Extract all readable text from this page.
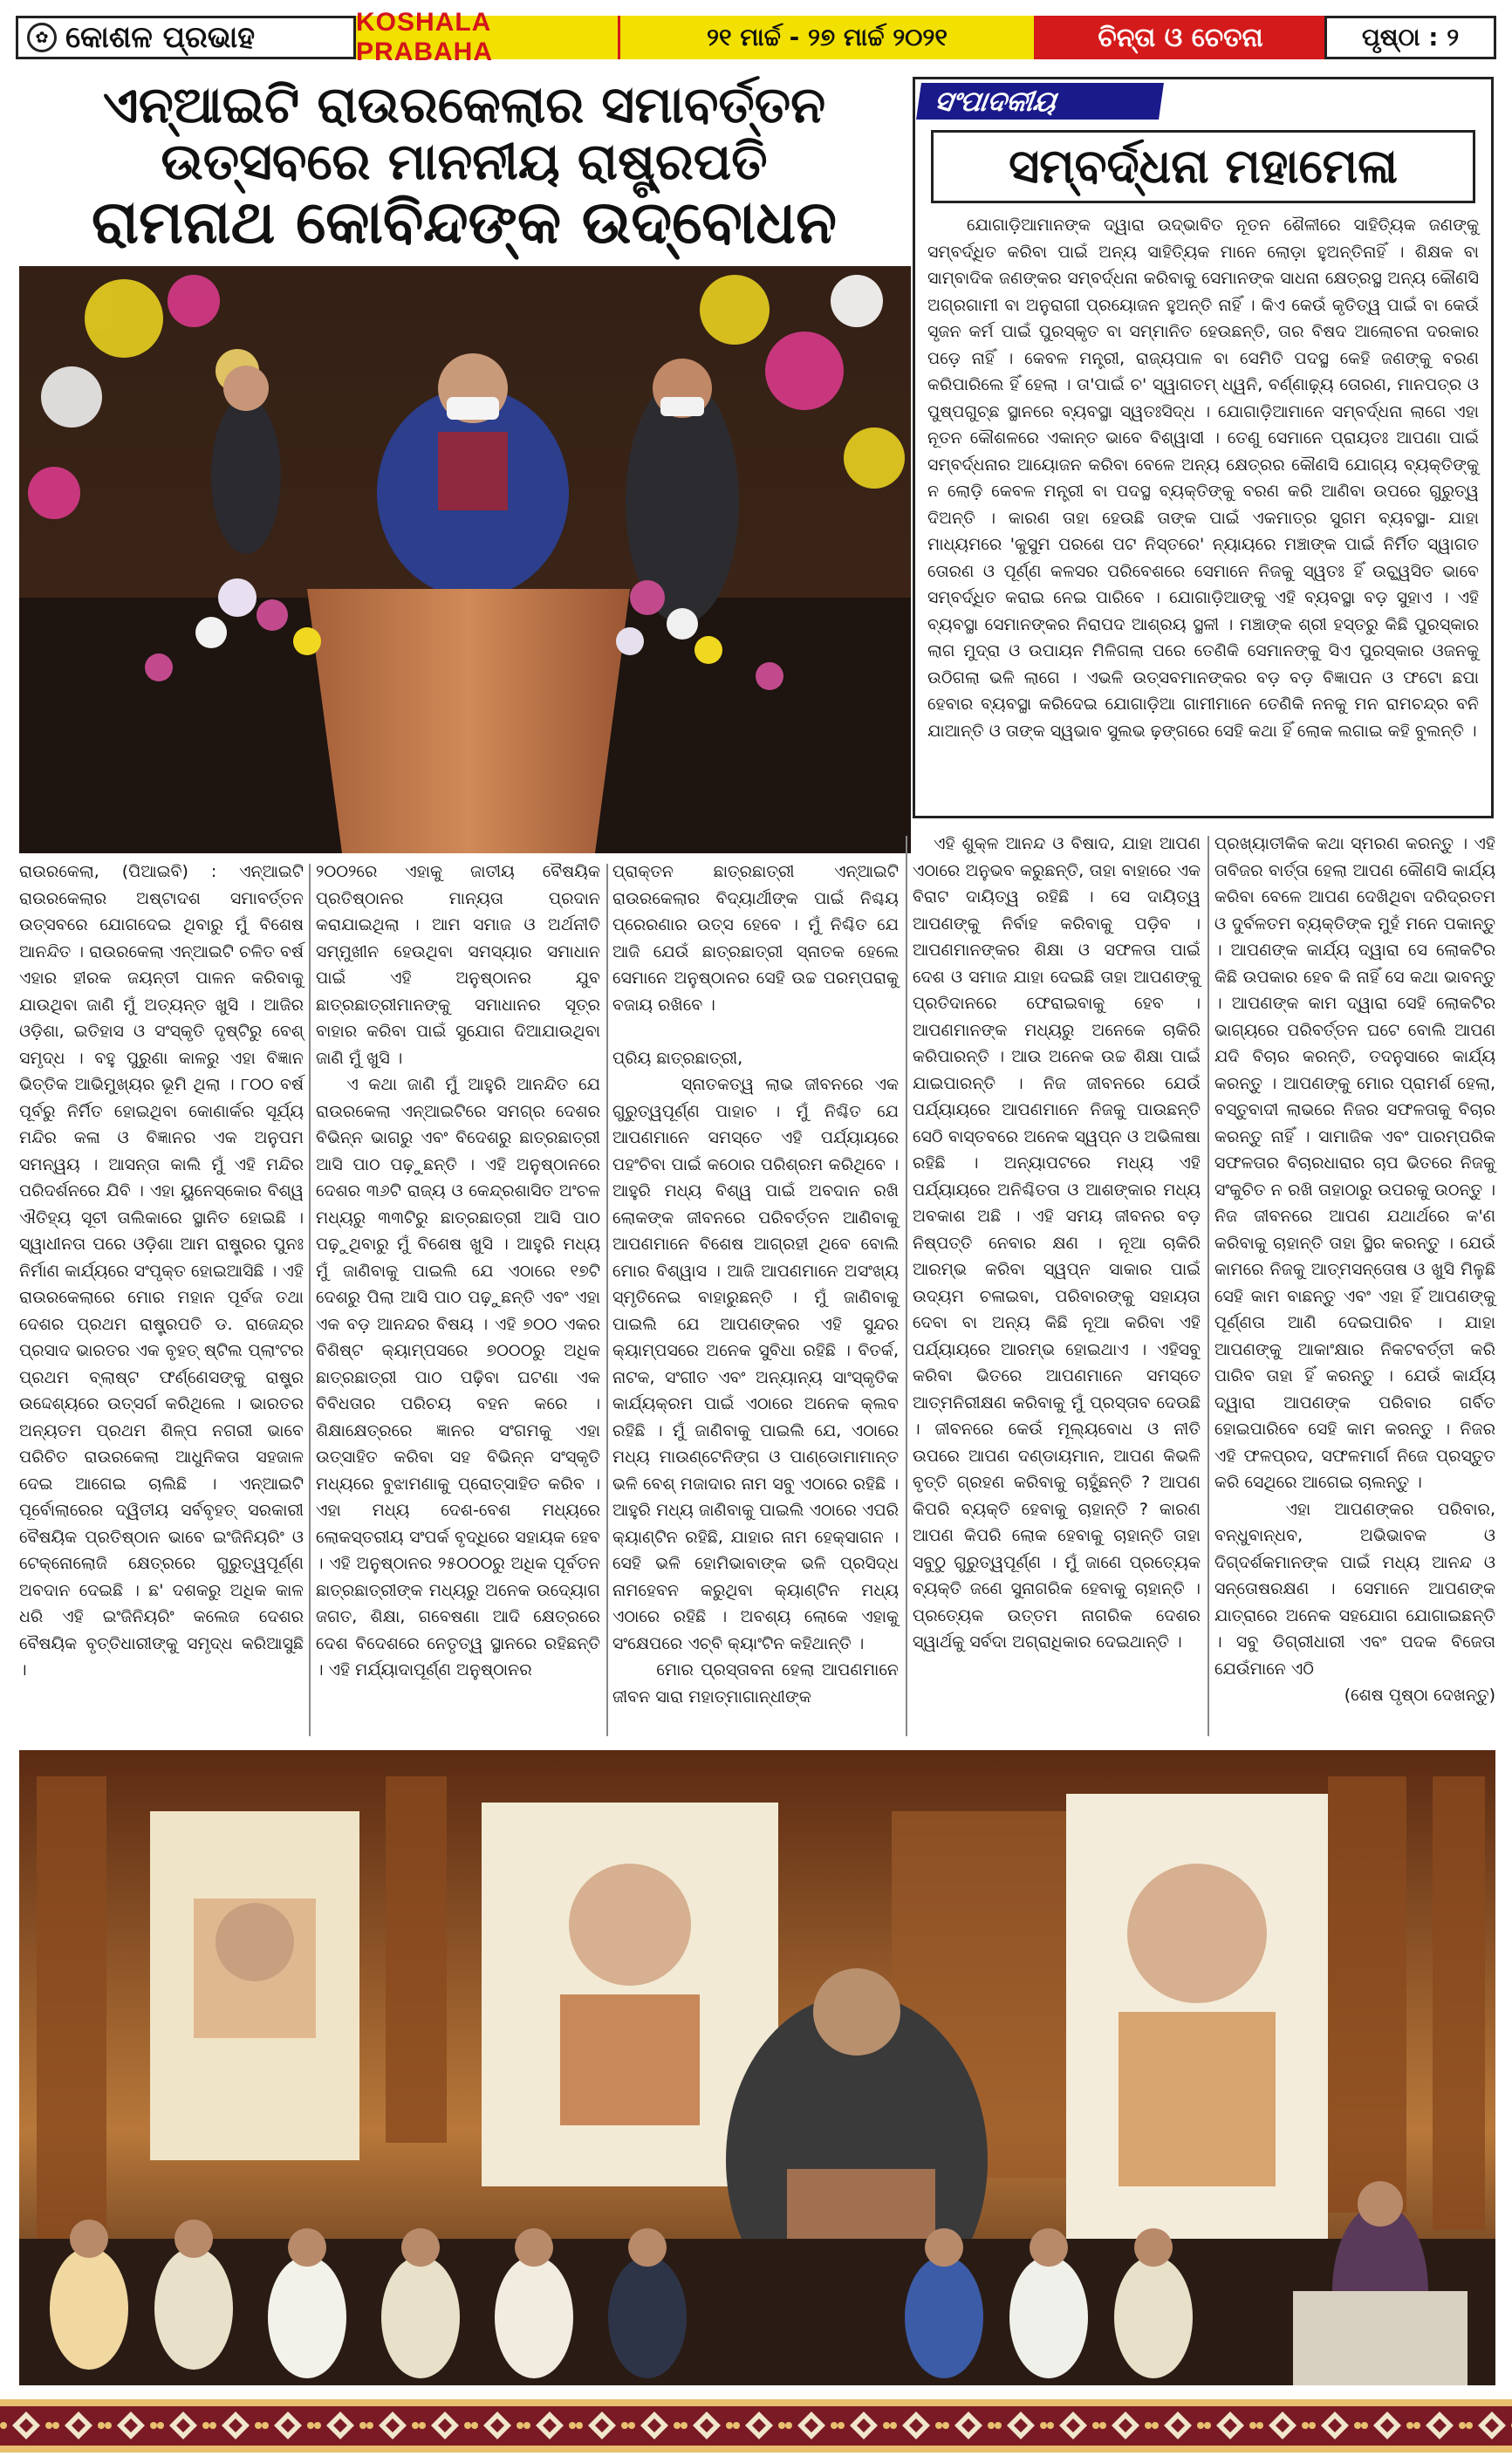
✿ କୋଶଳ ପ୍ରଭାହ	KOSHALA PRABAHA
୨୧ ମାର୍ଚ୍ଚ - ୨୭ ମାର୍ଚ୍ଚ ୨୦୨୧	ଚିନ୍ତା ଓ ଚେତନା	ପୃଷ୍ଠା : ୨
ଏନ୍‌ଆଇଟି ରାଉରକେଲାର ସମାବର୍ତ୍ତନ
ଉତ୍ସବରେ ମାନନୀୟ ରାଷ୍ଟ୍ରପତି
ରାମନାଥ କୋବିନ୍ଦଙ୍କ ଉଦ୍‌ବୋଧନ
ସଂପାଦକୀୟ
ସମ୍ବର୍ଦ୍ଧନା ମହାମେଳା
ଯୋଗାଡ଼ିଆମାନଙ୍କ ଦ୍ୱାରା ଉଦ୍ଭାବିତ ନୂତନ ଶୈଳୀରେ ସାହିତ୍ୟିକ ଜଣଙ୍କୁ ସମ୍ବର୍ଦ୍ଧିତ କରିବା ପାଇଁ ଅନ୍ୟ ସାହିତ୍ୟିକ ମାନେ ଲୋଡ଼ା ହୁଅନ୍ତିନାହିଁ । ଶିକ୍ଷକ ବା ସାମ୍ବାଦିକ ଜଣଙ୍କର ସମ୍ବର୍ଦ୍ଧନା କରିବାକୁ ସେମାନଙ୍କ ସାଧନା କ୍ଷେତ୍ରସ୍ଥ ଅନ୍ୟ କୌଣସି ଅଗ୍ରଗାମୀ ବା ଅନୁରାଗୀ ପ୍ରୟୋଜନ ହୁଅନ୍ତି ନାହିଁ । କିଏ କେଉଁ କୃତିତ୍ୱ ପାଇଁ ବା କେଉଁ ସୃଜନ କର୍ମ ପାଇଁ ପୁରସ୍କୃତ ବା ସମ୍ମାନିତ ହେଉଛନ୍ତି, ତାର ବିଷଦ ଆଲୋଚନା ଦରକାର ପଡ଼େ ନାହିଁ । କେବଳ ମନ୍ତ୍ରୀ, ରାଜ୍ୟପାଳ ବା ସେମିତି ପଦସ୍ଥ କେହି ଜଣଙ୍କୁ ବରଣ କରିପାରିଲେ ହିଁ ହେଲା । ତା'ପାଇଁ ଚ' ସ୍ୱାଗତମ୍ ଧ୍ୱନି, ବର୍ଣ୍ଣାଢ଼୍ୟ ତୋରଣ, ମାନପତ୍ର ଓ ପୁଷ୍ପଗୁଚ୍ଛ ସ୍ଥାନରେ ବ୍ୟବସ୍ଥା ସ୍ୱତଃସିଦ୍ଧ । ଯୋଗାଡ଼ିଆମାନେ ସମ୍ବର୍ଦ୍ଧନା ଲାଗେ ଏହା ନୂତନ କୌଶଳରେ ଏକାନ୍ତ ଭାବେ ବିଶ୍ୱାସୀ । ତେଣୁ ସେମାନେ ପ୍ରାୟତଃ ଆପଣା ପାଇଁ ସମ୍ବର୍ଦ୍ଧନାର ଆୟୋଜନ କରିବା ବେଳେ ଅନ୍ୟ କ୍ଷେତ୍ରର କୌଣସି ଯୋଗ୍ୟ ବ୍ୟକ୍ତିଙ୍କୁ ନ ଲୋଡ଼ି କେବଳ ମନ୍ତ୍ରୀ ବା ପଦସ୍ଥ ବ୍ୟକ୍ତିଙ୍କୁ ବରଣ କରି ଆଣିବା ଉପରେ ଗୁରୁତ୍ୱ ଦିଅନ୍ତି । କାରଣ ତାହା ହେଉଛି ତାଙ୍କ ପାଇଁ ଏକମାତ୍ର ସୁଗମ ବ୍ୟବସ୍ଥା- ଯାହା ମାଧ୍ୟମରେ 'କୁସୁମ ପରଶେ ପଟ ନିସ୍ତରେ' ନ୍ୟାୟରେ ମଞ୍ଚାଙ୍କ ପାଇଁ ନିର୍ମିତ ସ୍ୱାଗତ ତୋରଣ ଓ ପୂର୍ଣ୍ଣ କଳସର ପରିବେଶରେ ସେମାନେ ନିଜକୁ ସ୍ୱତଃ ହିଁ ଉଚ୍ଛ୍ୱସିତ ଭାବେ ସମ୍ବର୍ଦ୍ଧିତ କରାଇ ନେଇ ପାରିବେ । ଯୋଗାଡ଼ିଆଙ୍କୁ ଏହି ବ୍ୟବସ୍ଥା ବଡ଼ ସୁହାଏ । ଏହି ବ୍ୟବସ୍ଥା ସେମାନଙ୍କର ନିରାପଦ ଆଶ୍ରୟ ସ୍ଥଳୀ । ମଞ୍ଚାଙ୍କ ଶ୍ରୀ ହସ୍ତରୁ କିଛି ପୁରସ୍କାର ଲାଗ ମୁଦ୍ରା ଓ ଉପାୟନ ମିଳିଗଲା ପରେ ତେଣିକି ସେମାନଙ୍କୁ ସିଏ ପୁରସ୍କାର ଓଜନକୁ ଉଠିଗଲା ଭଳି ଲାଗେ । ଏଭଳି ଉତ୍ସବମାନଙ୍କର ବଡ଼ ବଡ଼ ବିଜ୍ଞାପନ ଓ ଫଟୋ ଛପା ହେବାର ବ୍ୟବସ୍ଥା କରିଦେଇ ଯୋଗାଡ଼ିଆ ଗାମୀମାନେ ତେଣିକି ନନକୁ ମନ ରାମଚନ୍ଦ୍ର ବନି ଯାଆନ୍ତି ଓ ତାଙ୍କ ସ୍ୱଭାବ ସୁଲଭ ଢ଼ଙ୍ଗରେ ସେହି କଥା ହିଁ ଲୋକ ଲଗାଇ କହି ବୁଲନ୍ତି ।
ରାଉରକେଲା, (ପିଆଇବି) : ଏନ୍‌ଆଇଟି ରାଉରକେଲାର ଅଷ୍ଟାଦଶ ସମାବର୍ତ୍ତନ ଉତ୍ସବରେ ଯୋଗଦେଇ ଥିବାରୁ ମୁଁ ବିଶେଷ ଆନନ୍ଦିତ । ରାଉରକେଲା ଏନ୍‌ଆଇଟି ଚଳିତ ବର୍ଷ ଏହାର ହୀରକ ଜୟନ୍ତୀ ପାଳନ କରିବାକୁ ଯାଉଥିବା ଜାଣି ମୁଁ ଅତ୍ୟନ୍ତ ଖୁସି । ଆଜିର ଓଡ଼ିଶା, ଇତିହାସ ଓ ସଂସ୍କୃତି ଦୃଷ୍ଟିରୁ ବେଶ୍ ସମୃଦ୍ଧ । ବହୁ ପୁରୁଣା କାଳରୁ ଏହା ବିଜ୍ଞାନ ଭିତ୍ତିକ ଆଭିମୁଖ୍ୟର ଭୂମି ଥିଲା । ୮୦୦ ବର୍ଷ ପୂର୍ବରୁ ନିର୍ମିତ ହୋଇଥିବା କୋଣାର୍କର ସୂର୍ଯ୍ୟ ମନ୍ଦିର କଳା ଓ ବିଜ୍ଞାନର ଏକ ଅନୁପମ ସମନ୍ୱୟ । ଆସନ୍ତା କାଲି ମୁଁ ଏହି ମନ୍ଦିର ପରିଦର୍ଶନରେ ଯିବି । ଏହା ୟୁନେସ୍କୋର ବିଶ୍ୱ ଐତିହ୍ୟ ସୂଚୀ ତାଲିକାରେ ସ୍ଥାନିତ ହୋଇଛି । ସ୍ୱାଧୀନତା ପରେ ଓଡ଼ିଶା ଆମ ରାଷ୍ଟ୍ରର ପୁନଃ ନିର୍ମାଣ କାର୍ଯ୍ୟରେ ସଂପୃକ୍ତ ହୋଇଆସିଛି । ଏହି ରାଉରକେଲାରେ ମୋର ମହାନ ପୂର୍ବଜ ତଥା ଦେଶର ପ୍ରଥମ ରାଷ୍ଟ୍ରପତି ଡ. ରାଜେନ୍ଦ୍ର ପ୍ରସାଦ ଭାରତର ଏକ ବୃହତ୍ ଷ୍ଟିଲ ପ୍ଲାଂଟର ପ୍ରଥମ ବ୍ଲାଷ୍ଟ ଫର୍ଣ୍ଣେସଙ୍କୁ ରାଷ୍ଟ୍ର ଉଦ୍ଦେଶ୍ୟରେ ଉତ୍ସର୍ଗ କରିଥିଲେ । ଭାରତର ଅନ୍ୟତମ ପ୍ରଥମ ଶିଳ୍ପ ନଗରୀ ଭାବେ ପରିଚିତ ରାଉରକେଲା ଆଧୁନିକତା ସହଜାଳ ଦେଇ ଆଗେଇ ଚାଲିଛି । ଏନ୍‌ଆଇଟି ପୂର୍ବୋଲାରେର ଦ୍ୱିତୀୟ ସର୍ବବୃହତ୍ ସରକାରୀ ବୈଷୟିକ ପ୍ରତିଷ୍ଠାନ ଭାବେ ଇଂଜିନିୟରିଂ ଓ ଟେକ୍ନୋଲୋଜି କ୍ଷେତ୍ରରେ ଗୁରୁତ୍ୱପୂର୍ଣ୍ଣ ଅବଦାନ ଦେଇଛି । ଛ' ଦଶକରୁ ଅଧିକ କାଳ ଧରି ଏହି ଇଂଜିନିୟରିଂ କଲେଜ ଦେଶର ବୈଷୟିକ ବୃତ୍ତିଧାରୀଙ୍କୁ ସମୃଦ୍ଧ କରିଆସୁଛି ।
୨୦୦୨ରେ ଏହାକୁ ଜାତୀୟ ବୈଷୟିକ ପ୍ରତିଷ୍ଠାନର ମାନ୍ୟତା ପ୍ରଦାନ କରାଯାଇଥିଲା । ଆମ ସମାଜ ଓ ଅର୍ଥନୀତି ସମ୍ମୁଖୀନ ହେଉଥିବା ସମସ୍ୟାର ସମାଧାନ ପାଇଁ ଏହି ଅନୁଷ୍ଠାନର ଯୁବ ଛାତ୍ରଛାତ୍ରୀମାନଙ୍କୁ ସମାଧାନର ସୂତ୍ର ବାହାର କରିବା ପାଇଁ ସୁଯୋଗ ଦିଆଯାଉଥିବା ଜାଣି ମୁଁ ଖୁସି ।
ଏ କଥା ଜାଣି ମୁଁ ଆହୁରି ଆନନ୍ଦିତ ଯେ ରାଉରକେଲା ଏନ୍‌ଆଇଟିରେ ସମଗ୍ର ଦେଶର ବିଭିନ୍ନ ଭାଗରୁ ଏବଂ ବିଦେଶରୁ ଛାତ୍ରଛାତ୍ରୀ ଆସି ପାଠ ପଢ଼ୁଛନ୍ତି । ଏହି ଅନୁଷ୍ଠାନରେ ଦେଶର ୩୬ଟି ରାଜ୍ୟ ଓ କେନ୍ଦ୍ରଶାସିତ ଅଂଚଳ ମଧ୍ୟରୁ ୩୩ଟିରୁ ଛାତ୍ରଛାତ୍ରୀ ଆସି ପାଠ ପଢ଼ୁଥିବାରୁ ମୁଁ ବିଶେଷ ଖୁସି । ଆହୁରି ମଧ୍ୟ ମୁଁ ଜାଣିବାକୁ ପାଇଲି ଯେ ଏଠାରେ ୧୭ଟି ଦେଶରୁ ପିଲା ଆସି ପାଠ ପଢ଼ୁଛନ୍ତି ଏବଂ ଏହା ଏକ ବଡ଼ ଆନନ୍ଦର ବିଷୟ । ଏହି ୭୦୦ ଏକର ବିଶିଷ୍ଟ କ୍ୟାମ୍ପସରେ ୭୦୦୦ରୁ ଅଧିକ ଛାତ୍ରଛାତ୍ରୀ ପାଠ ପଢ଼ିବା ଘଟଣା ଏକ ବିବିଧତାର ପରିଚୟ ବହନ କରେ । ଶିକ୍ଷାକ୍ଷେତ୍ରରେ ଜ୍ଞାନର ସଂଗମକୁ ଏହା ଉତ୍ସାହିତ କରିବା ସହ ବିଭିନ୍ନ ସଂସ୍କୃତି ମଧ୍ୟରେ ବୁଝାମଣାକୁ ପ୍ରୋତ୍ସାହିତ କରିବ । ଏହା ମଧ୍ୟ ଦେଶ-ବେଶ ମଧ୍ୟରେ ଲୋକସ୍ତରୀୟ ସଂପର୍କ ବୃଦ୍ଧିରେ ସହାୟକ ହେବ । ଏହି ଅନୁଷ୍ଠାନର ୨୫୦୦୦ରୁ ଅଧିକ ପୂର୍ବତନ ଛାତ୍ରଛାତ୍ରୀଙ୍କ ମଧ୍ୟରୁ ଅନେକ ଉଦ୍ୟୋଗ ଜଗତ, ଶିକ୍ଷା, ଗବେଷଣା ଆଦି କ୍ଷେତ୍ରରେ ଦେଶ ବିଦେଶରେ ନେତୃତ୍ୱ ସ୍ଥାନରେ ରହିଛନ୍ତି । ଏହି ମର୍ଯ୍ୟାଦାପୂର୍ଣ୍ଣ ଅନୁଷ୍ଠାନର
ପ୍ରାକ୍ତନ ଛାତ୍ରଛାତ୍ରୀ ଏନ୍‌ଆଇଟି ରାଉରକେଲାର ବିଦ୍ୟାର୍ଥୀଙ୍କ ପାଇଁ ନିଶ୍ଚୟ ପ୍ରେରଣାର ଉତ୍ସ ହେବେ । ମୁଁ ନିଶ୍ଚିତ ଯେ ଆଜି ଯେଉଁ ଛାତ୍ରଛାତ୍ରୀ ସ୍ନାତକ ହେଲେ ସେମାନେ ଅନୁଷ୍ଠାନର ସେହି ଉଚ୍ଚ ପରମ୍ପରାକୁ ବଜାୟ ରଖିବେ ।

ପ୍ରିୟ ଛାତ୍ରଛାତ୍ରୀ,
ସ୍ନାତକତ୍ୱ ଲାଭ ଜୀବନରେ ଏକ ଗୁରୁତ୍ୱପୂର୍ଣ୍ଣ ପାହାଚ । ମୁଁ ନିଶ୍ଚିତ ଯେ ଆପଣମାନେ ସମସ୍ତେ ଏହି ପର୍ଯ୍ୟାୟରେ ପହଂଚିବା ପାଇଁ କଠୋର ପରିଶ୍ରମ କରିଥିବେ । ଆହୁରି ମଧ୍ୟ ବିଶ୍ୱ ପାଇଁ ଅବଦାନ ରଖି ଲୋକଙ୍କ ଜୀବନରେ ପରିବର୍ତ୍ତନ ଆଣିବାକୁ ଆପଣମାନେ ବିଶେଷ ଆଗ୍ରହୀ ଥିବେ ବୋଲି ମୋର ବିଶ୍ୱାସ । ଆଜି ଆପଣମାନେ ଅସଂଖ୍ୟ ସ୍ମୃତିନେଇ ବାହାରୁଛନ୍ତି । ମୁଁ ଜାଣିବାକୁ ପାଇଲି ଯେ ଆପଣଙ୍କର ଏହି ସୁନ୍ଦର କ୍ୟାମ୍ପସରେ ଅନେକ ସୁବିଧା ରହିଛି । ବିତର୍କ, ନାଟକ, ସଂଗୀତ ଏବଂ ଅନ୍ୟାନ୍ୟ ସାଂସ୍କୃତିକ କାର୍ଯ୍ୟକ୍ରମ ପାଇଁ ଏଠାରେ ଅନେକ କ୍ଲବ ରହିଛି । ମୁଁ ଜାଣିବାକୁ ପାଇଲି ଯେ, ଏଠାରେ ମଧ୍ୟ ମାଉଣ୍ଟେନିଙ୍ଗ ଓ ପାଣ୍ଡୋମାମାନ୍ତ ଭଳି ବେଶ୍ ମଜାଦାର ନାମ ସବୁ ଏଠାରେ ରହିଛି । ଆହୁରି ମଧ୍ୟ ଜାଣିବାକୁ ପାଇଲି ଏଠାରେ ଏପରି କ୍ୟାଣ୍ଟିନ ରହିଛି, ଯାହାର ନାମ ହେକ୍ସାଗନ । ସେହି ଭଳି ହୋମିଭାବାଙ୍କ ଭଳି ପ୍ରସିଦ୍ଧ ନାମହେବନ କରୁଥିବା କ୍ୟାଣ୍ଟିନ ମଧ୍ୟ ଏଠାରେ ରହିଛି । ଅବଶ୍ୟ ଲୋକେ ଏହାକୁ ସଂକ୍ଷେପରେ ଏଚ୍‌ବି କ୍ୟାଂଟିନ କହିଥାନ୍ତି ।
ମୋର ପ୍ରସ୍ତାବନା ହେଲା ଆପଣମାନେ ଜୀବନ ସାରା ମହାତ୍ମାଗାନ୍ଧୀଙ୍କ
ଏହି ଶୁକ୍ଳ ଆନନ୍ଦ ଓ ବିଷାଦ, ଯାହା ଆପଣ ଏଠାରେ ଅନୁଭବ କରୁଛନ୍ତି, ତାହା ବାହାରେ ଏକ ବିରାଟ ଦାୟିତ୍ୱ ରହିଛି । ସେ ଦାୟିତ୍ୱ ଆପଣଙ୍କୁ ନିର୍ବାହ କରିବାକୁ ପଡ଼ିବ । ଆପଣମାନଙ୍କର ଶିକ୍ଷା ଓ ସଫଳତା ପାଇଁ ଦେଶ ଓ ସମାଜ ଯାହା ଦେଇଛି ତାହା ଆପଣଙ୍କୁ ପ୍ରତିଦାନରେ ଫେରାଇବାକୁ ହେବ । ଆପଣମାନଙ୍କ ମଧ୍ୟରୁ ଅନେକେ ଚାକିରି କରିପାରନ୍ତି । ଆଉ ଅନେକ ଉଚ୍ଚ ଶିକ୍ଷା ପାଇଁ ଯାଇପାରନ୍ତି । ନିଜ ଜୀବନରେ ଯେଉଁ ପର୍ଯ୍ୟାୟରେ ଆପଣମାନେ ନିଜକୁ ପାଉଛନ୍ତି ସେଠି ବାସ୍ତବରେ ଅନେକ ସ୍ୱପ୍ନ ଓ ଅଭିଳାଷା ରହିଛି । ଅନ୍ୟାପଟରେ ମଧ୍ୟ ଏହି ପର୍ଯ୍ୟାୟରେ ଅନିଶ୍ଚିତତା ଓ ଆଶଙ୍କାର ମଧ୍ୟ ଅବକାଶ ଅଛି । ଏହି ସମୟ ଜୀବନର ବଡ଼ ନିଷ୍ପତ୍ତି ନେବାର କ୍ଷଣ । ନୂଆ ଚାକିରି ଆରମ୍ଭ କରିବା ସ୍ୱପ୍ନ ସାକାର ପାଇଁ ଉଦ୍ୟମ ଚଳାଇବା, ପରିବାରଙ୍କୁ ସହାୟତା ଦେବା ବା ଅନ୍ୟ କିଛି ନୂଆ କରିବା ଏହି ପର୍ଯ୍ୟାୟରେ ଆରମ୍ଭ ହୋଇଥାଏ । ଏହିସବୁ କରିବା ଭିତରେ ଆପଣମାନେ ସମସ୍ତେ ଆତ୍ମନିରୀକ୍ଷଣ କରିବାକୁ ମୁଁ ପ୍ରସ୍ତାବ ଦେଉଛି । ଜୀବନରେ କେଉଁ ମୂଲ୍ୟବୋଧ ଓ ନୀତି ଉପରେ ଆପଣ ଦଣ୍ଡାୟମାନ, ଆପଣ କିଭଳି ବୃତ୍ତି ଗ୍ରହଣ କରିବାକୁ ଚାହୁଁଛନ୍ତି ? ଆପଣ କିପରି ବ୍ୟକ୍ତି ହେବାକୁ ଚାହାନ୍ତି ? କାରଣ ଆପଣ କିପରି ଲୋକ ହେବାକୁ ଚାହାନ୍ତି ତାହା ସବୁଠୁ ଗୁରୁତ୍ୱପୂର୍ଣ୍ଣ । ମୁଁ ଜାଣେ ପ୍ରତ୍ୟେକ ବ୍ୟକ୍ତି ଜଣେ ସୁନାଗରିକ ହେବାକୁ ଚାହାନ୍ତି । ପ୍ରତ୍ୟେକ ଉତ୍ତମ ନାଗରିକ ଦେଶର ସ୍ୱାର୍ଥକୁ ସର୍ବଦା ଅଗ୍ରାଧିକାର ଦେଇଥାନ୍ତି ।
ପ୍ରଖ୍ୟାତୀକିକ କଥା ସ୍ମରଣ କରନ୍ତୁ । ଏହି ତାବିଜର ବାର୍ତ୍ତା ହେଲା ଆପଣ କୌଣସି କାର୍ଯ୍ୟ କରିବା ବେଳେ ଆପଣ ଦେଖିଥିବା ଦରିଦ୍ରତମ ଓ ଦୁର୍ବଳତମ ବ୍ୟକ୍ତିଙ୍କ ମୁହଁ ମନେ ପକାନ୍ତୁ । ଆପଣଙ୍କ କାର୍ଯ୍ୟ ଦ୍ୱାରା ସେ ଲୋକଟିର କିଛି ଉପକାର ହେବ କି ନାହିଁ ସେ କଥା ଭାବନ୍ତୁ । ଆପଣଙ୍କ କାମ ଦ୍ୱାରା ସେହି ଲୋକଟିର ଭାଗ୍ୟରେ ପରିବର୍ତ୍ତନ ଘଟେ ବୋଲି ଆପଣ ଯଦି ବିଚାର କରନ୍ତି, ତଦନୁସାରେ କାର୍ଯ୍ୟ କରନ୍ତୁ । ଆପଣଙ୍କୁ ମୋର ପ୍ରାମର୍ଶ ହେଲା, ବସ୍ତୁବାଦୀ ଲାଭରେ ନିଜର ସଫଳତାକୁ ବିଚାର କରନ୍ତୁ ନାହିଁ । ସାମାଜିକ ଏବଂ ପାରମ୍ପରିକ ସଫଳତାର ବିଚାରଧାରାର ଚାପ ଭିତରେ ନିଜକୁ ସଂକୁଚିତ ନ ରଖି ତାହାଠାରୁ ଉପରକୁ ଉଠନ୍ତୁ । ନିଜ ଜୀବନରେ ଆପଣ ଯଥାର୍ଥରେ କ'ଣ କରିବାକୁ ଚାହାନ୍ତି ତାହା ସ୍ଥିର କରନ୍ତୁ । ଯେଉଁ କାମରେ ନିଜକୁ ଆତ୍ମସନ୍ତୋଷ ଓ ଖୁସି ମିଳୁଛି ସେହି କାମ ବାଛନ୍ତୁ ଏବଂ ଏହା ହିଁ ଆପଣଙ୍କୁ ପୂର୍ଣ୍ଣତା ଆଣି ଦେଇପାରିବ । ଯାହା ଆପଣଙ୍କୁ ଆକାଂକ୍ଷାର ନିକଟବର୍ତ୍ତୀ କରି ପାରିବ ତାହା ହିଁ କରନ୍ତୁ । ଯେଉଁ କାର୍ଯ୍ୟ ଦ୍ୱାରା ଆପଣଙ୍କ ପରିବାର ଗର୍ବିତ ହୋଇପାରିବେ ସେହି କାମ କରନ୍ତୁ । ନିଜର ଏହି ଫଳପ୍ରଦ, ସଫଳମାର୍ଗ ନିଜେ ପ୍ରସ୍ତୁତ କରି ସେଥିରେ ଆଗେଇ ଚାଲନ୍ତୁ ।
ଏହା ଆପଣଙ୍କର ପରିବାର, ବନ୍ଧୁବାନ୍ଧବ, ଅଭିଭାବକ ଓ ଦିଗ୍‌ଦର୍ଶକମାନଙ୍କ ପାଇଁ ମଧ୍ୟ ଆନନ୍ଦ ଓ ସନ୍ତୋଷରକ୍ଷଣ । ସେମାନେ ଆପଣଙ୍କ ଯାତ୍ରାରେ ଅନେକ ସହଯୋଗ ଯୋଗାଇଛନ୍ତି । ସବୁ ଡିଗ୍ରୀଧାରୀ ଏବଂ ପଦକ ବିଜେତା ଯେଉଁମାନେ ଏଠି
(ଶେଷ ପୃଷ୍ଠା ଦେଖନ୍ତୁ)
